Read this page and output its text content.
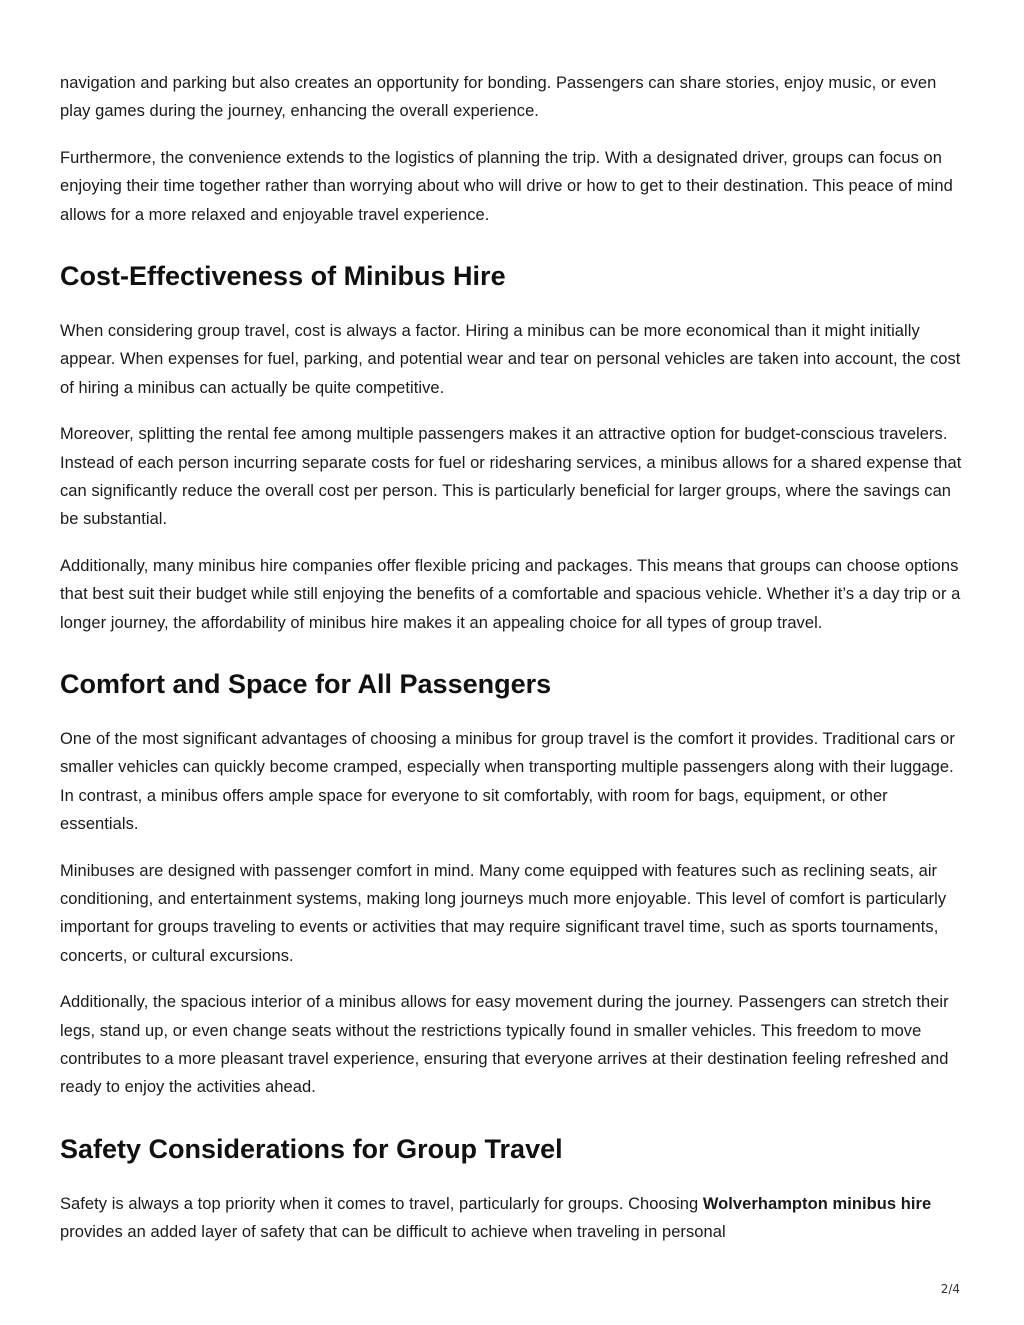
navigation and parking but also creates an opportunity for bonding. Passengers can share stories, enjoy music, or even play games during the journey, enhancing the overall experience.

Furthermore, the convenience extends to the logistics of planning the trip. With a designated driver, groups can focus on enjoying their time together rather than worrying about who will drive or how to get to their destination. This peace of mind allows for a more relaxed and enjoyable travel experience.

Cost-Effectiveness of Minibus Hire

When considering group travel, cost is always a factor. Hiring a minibus can be more economical than it might initially appear. When expenses for fuel, parking, and potential wear and tear on personal vehicles are taken into account, the cost of hiring a minibus can actually be quite competitive.

Moreover, splitting the rental fee among multiple passengers makes it an attractive option for budget-conscious travelers. Instead of each person incurring separate costs for fuel or ridesharing services, a minibus allows for a shared expense that can significantly reduce the overall cost per person. This is particularly beneficial for larger groups, where the savings can be substantial.

Additionally, many minibus hire companies offer flexible pricing and packages. This means that groups can choose options that best suit their budget while still enjoying the benefits of a comfortable and spacious vehicle. Whether it’s a day trip or a longer journey, the affordability of minibus hire makes it an appealing choice for all types of group travel.

Comfort and Space for All Passengers

One of the most significant advantages of choosing a minibus for group travel is the comfort it provides. Traditional cars or smaller vehicles can quickly become cramped, especially when transporting multiple passengers along with their luggage. In contrast, a minibus offers ample space for everyone to sit comfortably, with room for bags, equipment, or other essentials.

Minibuses are designed with passenger comfort in mind. Many come equipped with features such as reclining seats, air conditioning, and entertainment systems, making long journeys much more enjoyable. This level of comfort is particularly important for groups traveling to events or activities that may require significant travel time, such as sports tournaments, concerts, or cultural excursions.

Additionally, the spacious interior of a minibus allows for easy movement during the journey. Passengers can stretch their legs, stand up, or even change seats without the restrictions typically found in smaller vehicles. This freedom to move contributes to a more pleasant travel experience, ensuring that everyone arrives at their destination feeling refreshed and ready to enjoy the activities ahead.

Safety Considerations for Group Travel

Safety is always a top priority when it comes to travel, particularly for groups. Choosing Wolverhampton minibus hire provides an added layer of safety that can be difficult to achieve when traveling in personal

2/4
